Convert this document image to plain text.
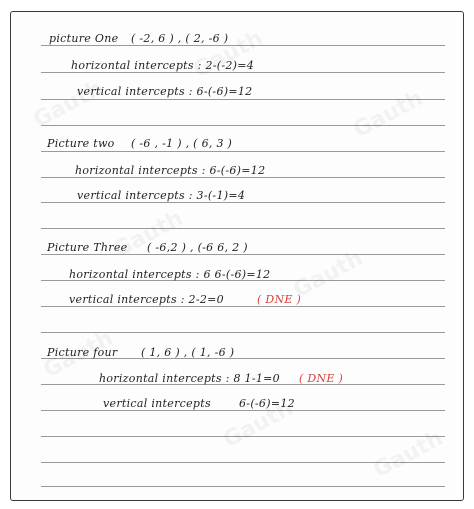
picture One ( -2, 6 ) , ( 2, -6 )
horizontal intercepts : 2-(-2)=4
vertical intercepts : 6-(-6)=12
Picture two ( -6 , -1 ) , ( 6, 3 )
horizontal intercepts : 6-(-6)=12
vertical intercepts : 3-(-1)=4
Picture Three ( -6,2 ) , (-6 6, 2 )
horizontal intercepts : 6 6-(-6)=12
vertical intercepts : 2-2=0	( DNE )
Picture four ( 1, 6 ) , ( 1, -6 )
horizontal intercepts : 8 1-1=0 ( DNE )
vertical intercepts	6-(-6)=12
